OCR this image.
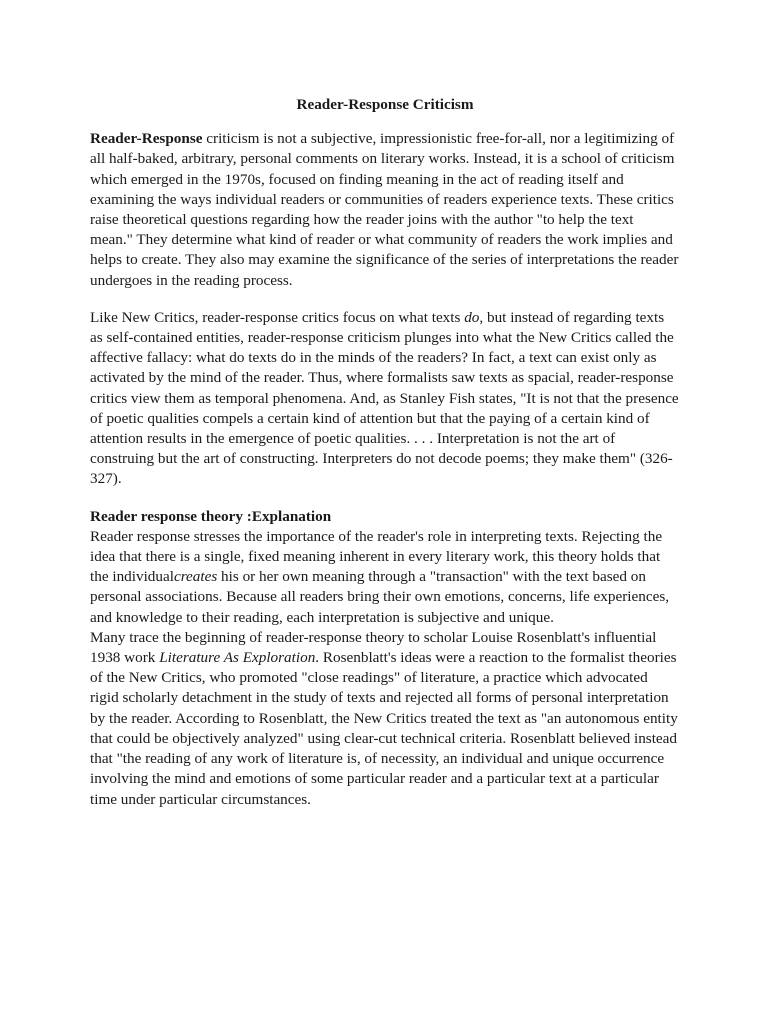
Reader-Response Criticism

Reader-Response criticism is not a subjective, impressionistic free-for-all, nor a legitimizing of all half-baked, arbitrary, personal comments on literary works. Instead, it is a school of criticism which emerged in the 1970s, focused on finding meaning in the act of reading itself and examining the ways individual readers or communities of readers experience texts. These critics raise theoretical questions regarding how the reader joins with the author "to help the text mean." They determine what kind of reader or what community of readers the work implies and helps to create. They also may examine the significance of the series of interpretations the reader undergoes in the reading process.

Like New Critics, reader-response critics focus on what texts do, but instead of regarding texts as self-contained entities, reader-response criticism plunges into what the New Critics called the affective fallacy: what do texts do in the minds of the readers? In fact, a text can exist only as activated by the mind of the reader. Thus, where formalists saw texts as spacial, reader-response critics view them as temporal phenomena. And, as Stanley Fish states, "It is not that the presence of poetic qualities compels a certain kind of attention but that the paying of a certain kind of attention results in the emergence of poetic qualities. . . . Interpretation is not the art of construing but the art of constructing. Interpreters do not decode poems; they make them" (326-327).

Reader response theory :Explanation

Reader response stresses the importance of the reader's role in interpreting texts. Rejecting the idea that there is a single, fixed meaning inherent in every literary work, this theory holds that the individualcreates his or her own meaning through a "transaction" with the text based on personal associations. Because all readers bring their own emotions, concerns, life experiences, and knowledge to their reading, each interpretation is subjective and unique.

Many trace the beginning of reader-response theory to scholar Louise Rosenblatt's influential 1938 work Literature As Exploration. Rosenblatt's ideas were a reaction to the formalist theories of the New Critics, who promoted "close readings" of literature, a practice which advocated rigid scholarly detachment in the study of texts and rejected all forms of personal interpretation by the reader. According to Rosenblatt, the New Critics treated the text as "an autonomous entity that could be objectively analyzed" using clear-cut technical criteria. Rosenblatt believed instead that "the reading of any work of literature is, of necessity, an individual and unique occurrence involving the mind and emotions of some particular reader and a particular text at a particular time under particular circumstances.
